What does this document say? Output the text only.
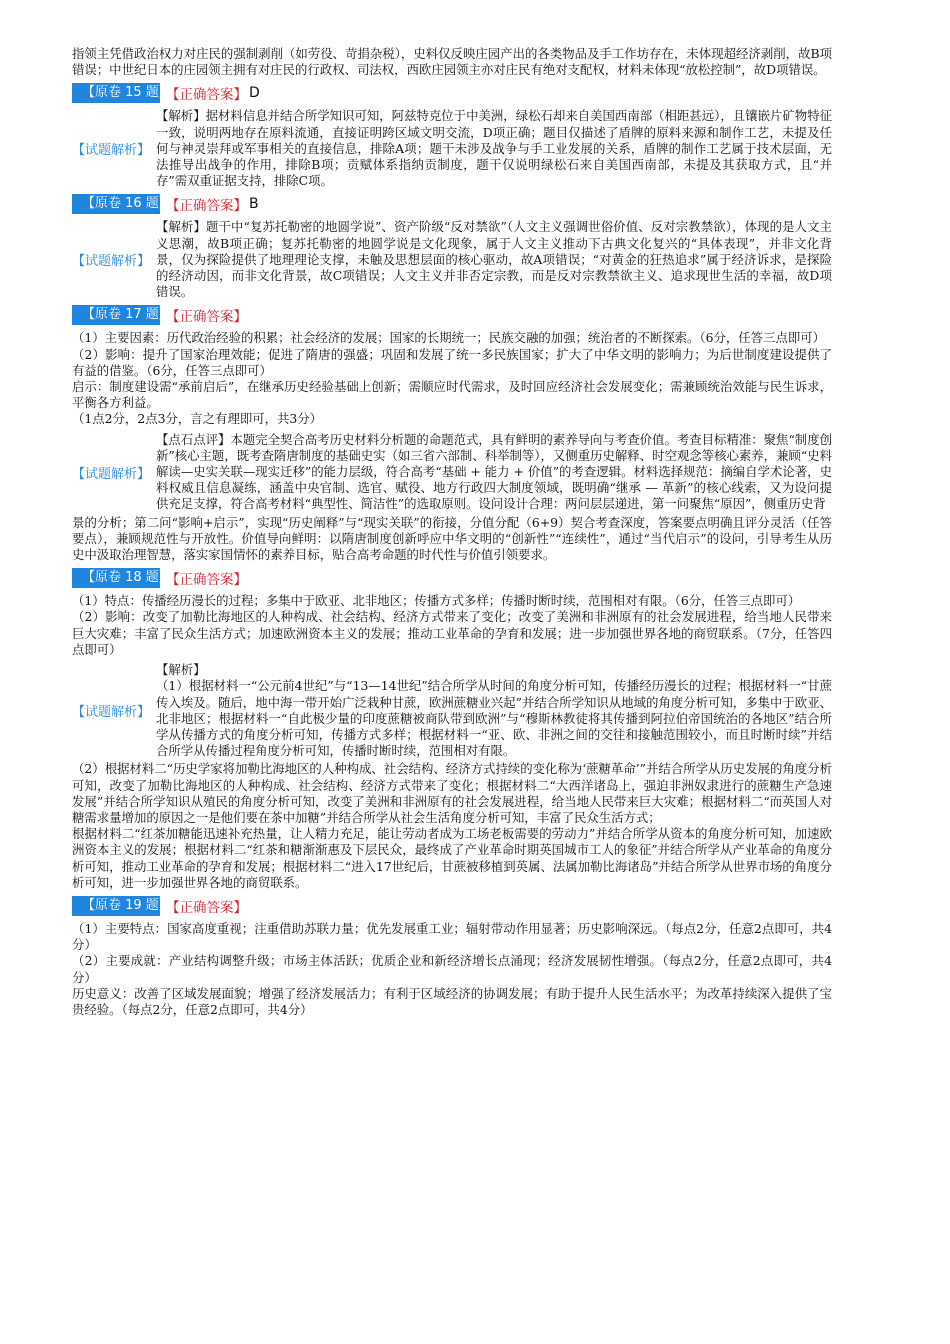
指领主凭借政治权力对庄民的强制剥削（如劳役、苛捐杂税），史料仅反映庄园产出的各类物品及手工作坊存在，未体现超经济剥削，故B项错误；中世纪日本的庄园领主拥有对庄民的行政权、司法权，西欧庄园领主亦对庄民有绝对支配权，材料未体现“放松控制”，故D项错误。

【原卷 15 题】
【正确答案】 D
【试题解析】

【解析】据材料信息并结合所学知识可知，阿兹特克位于中美洲，绿松石却来自美国西南部（相距甚远），且镶嵌片矿物特征一致，说明两地存在原料流通，直接证明跨区域文明交流，D项正确；题目仅描述了盾牌的原料来源和制作工艺，未提及任何与神灵崇拜或军事相关的直接信息，排除A项；题干未涉及战争与手工业发展的关系，盾牌的制作工艺属于技术层面，无法推导出战争的作用，排除B项；贡赋体系指纳贡制度，题干仅说明绿松石来自美国西南部，未提及其获取方式，且“并存”需双重证据支持，排除C项。

【原卷 16 题】
【正确答案】 B
【试题解析】

【解析】题干中“复苏托勒密的地圆学说”、资产阶级“反对禁欲”（人文主义强调世俗价值、反对宗教禁欲），体现的是人文主义思潮，故B项正确；复苏托勒密的地圆学说是文化现象，属于人文主义推动下古典文化复兴的“具体表现”，并非文化背景，仅为探险提供了地理理论支撑，未触及思想层面的核心驱动，故A项错误；“对黄金的狂热追求”属于经济诉求，是探险的经济动因，而非文化背景，故C项错误；人文主义并非否定宗教，而是反对宗教禁欲主义、追求现世生活的幸福，故D项错误。

【原卷 17 题】
【正确答案】

（1）主要因素：历代政治经验的积累；社会经济的发展；国家的长期统一；民族交融的加强；统治者的不断探索。（6分，任答三点即可）

（2）影响：提升了国家治理效能；促进了隋唐的强盛；巩固和发展了统一多民族国家；扩大了中华文明的影响力；为后世制度建设提供了有益的借鉴。（6分，任答三点即可）

启示：制度建设需“承前启后”，在继承历史经验基础上创新；需顺应时代需求，及时回应经济社会发展变化；需兼顾统治效能与民生诉求，平衡各方利益。

（1点2分，2点3分，言之有理即可，共3分）

【试题解析】

【点石点评】本题完全契合高考历史材料分析题的命题范式，具有鲜明的素养导向与考查价值。考查目标精准：聚焦“制度创新”核心主题，既考查隋唐制度的基础史实（如三省六部制、科举制等），又侧重历史解释、时空观念等核心素养，兼顾“史料解读—史实关联—现实迁移”的能力层级，符合高考“基础 + 能力 + 价值”的考查逻辑。材料选择规范：摘编自学术论著，史料权威且信息凝练，涵盖中央官制、选官、赋役、地方行政四大制度领域，既明确“继承 — 革新”的核心线索，又为设问提供充足支撑，符合高考材料“典型性、简洁性”的选取原则。设问设计合理：两问层层递进，第一问聚焦“原因”，侧重历史背

景的分析；第二问“影响+启示”，实现“历史阐释”与“现实关联”的衔接，分值分配（6+9）契合考查深度，答案要点明确且评分灵活（任答要点），兼顾规范性与开放性。价值导向鲜明：以隋唐制度创新呼应中华文明的“创新性”“连续性”，通过“当代启示”的设问，引导考生从历史中汲取治理智慧，落实家国情怀的素养目标，贴合高考命题的时代性与价值引领要求。

【原卷 18 题】
【正确答案】

（1）特点：传播经历漫长的过程；多集中于欧亚、北非地区；传播方式多样；传播时断时续，范围相对有限。（6分，任答三点即可）

（2）影响：改变了加勒比海地区的人种构成、社会结构、经济方式带来了变化；改变了美洲和非洲原有的社会发展进程，给当地人民带来巨大灾难；丰富了民众生活方式；加速欧洲资本主义的发展；推动工业革命的孕育和发展；进一步加强世界各地的商贸联系。（7分，任答四点即可）

【试题解析】

【解析】
（1）根据材料一“公元前4世纪”与“13—14世纪”结合所学从时间的角度分析可知，传播经历漫长的过程；根据材料一“甘蔗传入埃及。随后，地中海一带开始广泛栽种甘蔗，欧洲蔗糖业兴起”并结合所学知识从地域的角度分析可知，多集中于欧亚、北非地区；根据材料一“自此极少量的印度蔗糖被商队带到欧洲”与“穆斯林教徒将其传播到阿拉伯帝国统治的各地区”结合所学从传播方式的角度分析可知，传播方式多样；根据材料一“亚、欧、非洲之间的交往和接触范围较小，而且时断时续”并结合所学从传播过程角度分析可知，传播时断时续，范围相对有限。

（2）根据材料二“历史学家将加勒比海地区的人种构成、社会结构、经济方式持续的变化称为‘蔗糖革命’”并结合所学从历史发展的角度分析可知，改变了加勒比海地区的人种构成、社会结构、经济方式带来了变化；根据材料二“大西洋诸岛上，强迫非洲奴隶进行的蔗糖生产急速发展”并结合所学知识从殖民的角度分析可知，改变了美洲和非洲原有的社会发展进程，给当地人民带来巨大灾难；根据材料二“而英国人对糖需求量增加的原因之一是他们要在茶中加糖”并结合所学从社会生活角度分析可知，丰富了民众生活方式；
根据材料二“红茶加糖能迅速补充热量，让人精力充足，能让劳动者成为工场老板需要的劳动力”并结合所学从资本的角度分析可知，加速欧洲资本主义的发展；根据材料二“红茶和糖渐渐惠及下层民众，最终成了产业革命时期英国城市工人的象征”并结合所学从产业革命的角度分析可知，推动工业革命的孕育和发展；根据材料二“进入17世纪后，甘蔗被移植到英属、法属加勒比海诸岛”并结合所学从世界市场的角度分析可知，进一步加强世界各地的商贸联系。

【原卷 19 题】
【正确答案】

（1）主要特点：国家高度重视；注重借助苏联力量；优先发展重工业；辐射带动作用显著；历史影响深远。（每点2分，任意2点即可，共4分）

（2）主要成就：产业结构调整升级；市场主体活跃；优质企业和新经济增长点涌现；经济发展韧性增强。（每点2分，任意2点即可，共4分）

历史意义：改善了区域发展面貌；增强了经济发展活力；有利于区域经济的协调发展；有助于提升人民生活水平；为改革持续深入提供了宝贵经验。（每点2分，任意2点即可，共4分）
